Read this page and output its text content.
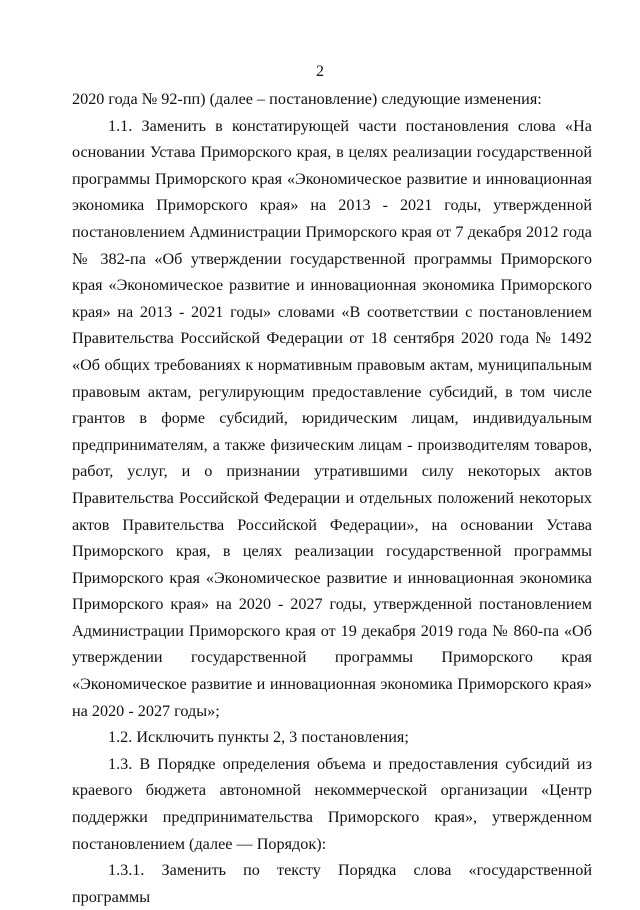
2

2020 года № 92-пп) (далее – постановление) следующие изменения:

1.1. Заменить в констатирующей части постановления слова «На основании Устава Приморского края, в целях реализации государственной программы Приморского края «Экономическое развитие и инновационная экономика Приморского края» на 2013 - 2021 годы, утвержденной постановлением Администрации Приморского края от 7 декабря 2012 года № 382-па «Об утверждении государственной программы Приморского края «Экономическое развитие и инновационная экономика Приморского края» на 2013 - 2021 годы» словами «В соответствии с постановлением Правительства Российской Федерации от 18 сентября 2020 года № 1492 «Об общих требованиях к нормативным правовым актам, муниципальным правовым актам, регулирующим предоставление субсидий, в том числе грантов в форме субсидий, юридическим лицам, индивидуальным предпринимателям, а также физическим лицам - производителям товаров, работ, услуг, и о признании утратившими силу некоторых актов Правительства Российской Федерации и отдельных положений некоторых актов Правительства Российской Федерации», на основании Устава Приморского края, в целях реализации государственной программы Приморского края «Экономическое развитие и инновационная экономика Приморского края» на 2020 - 2027 годы, утвержденной постановлением Администрации Приморского края от 19 декабря 2019 года № 860-па «Об утверждении государственной программы Приморского края «Экономическое развитие и инновационная экономика Приморского края» на 2020 - 2027 годы»;

1.2. Исключить пункты 2, 3 постановления;

1.3. В Порядке определения объема и предоставления субсидий из краевого бюджета автономной некоммерческой организации «Центр поддержки предпринимательства Приморского края», утвержденном постановлением (далее — Порядок):

1.3.1. Заменить по тексту Порядка слова «государственной программы
